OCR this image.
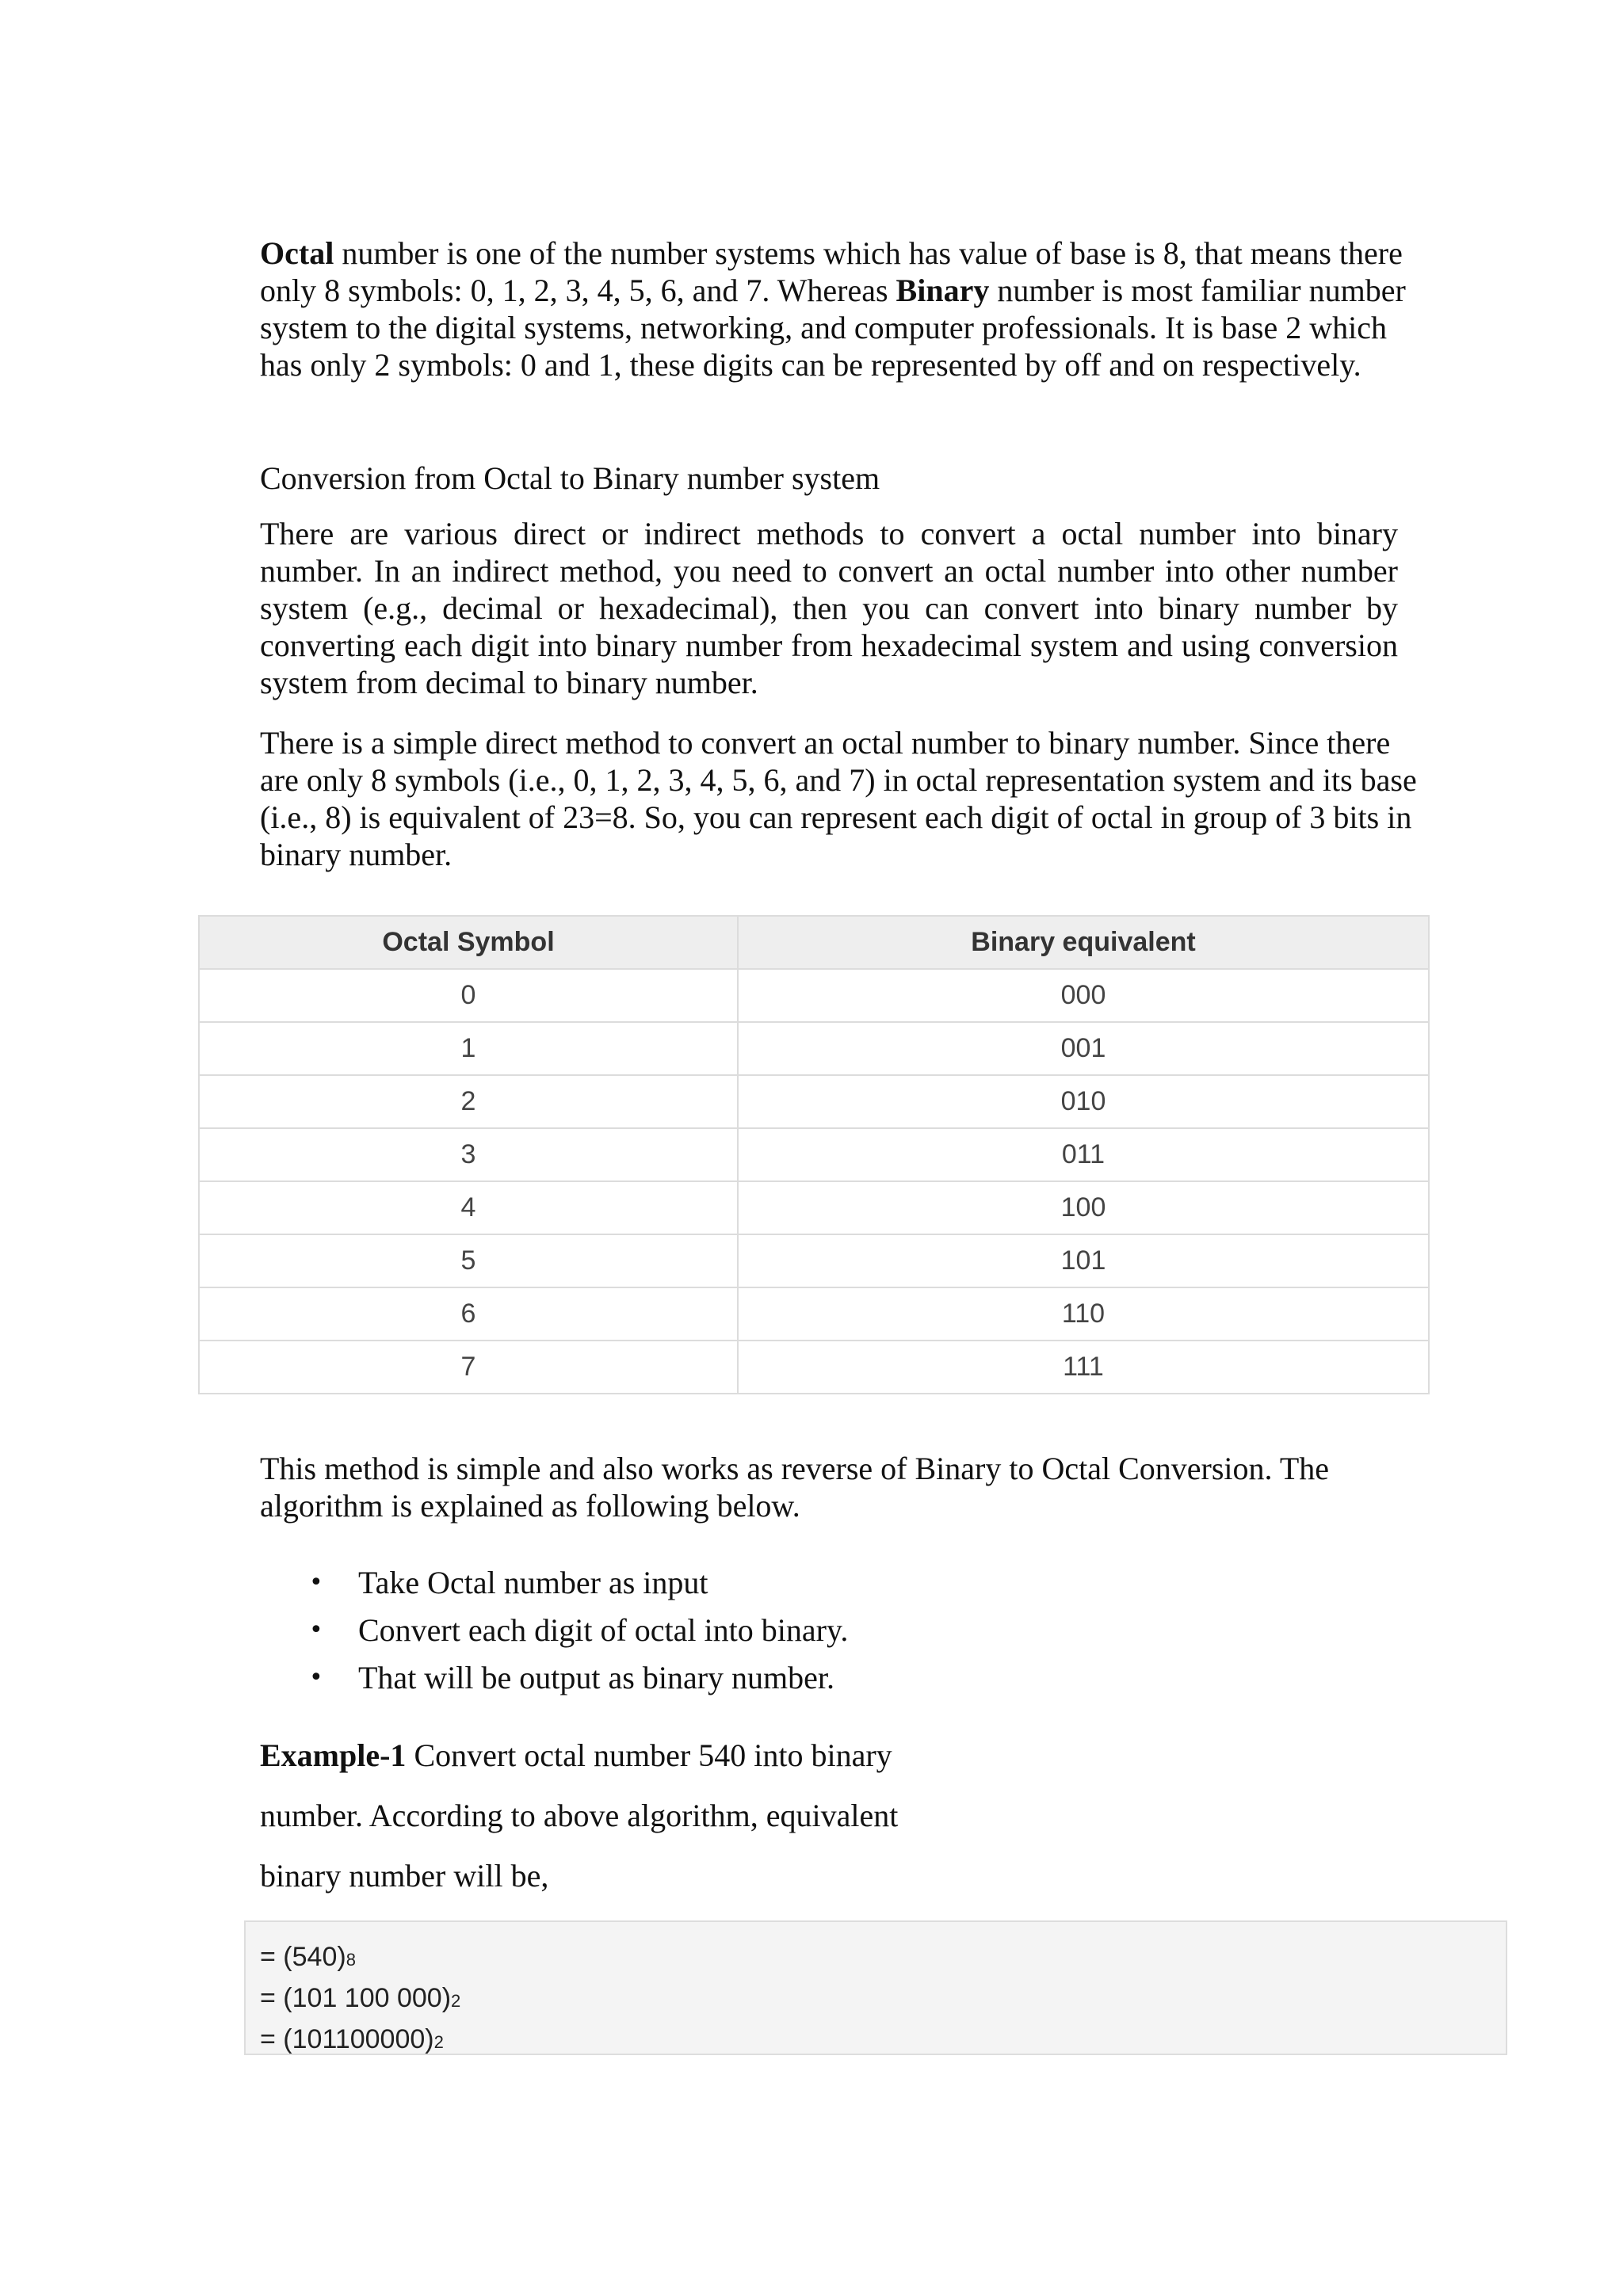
Octal number is one of the number systems which has value of base is 8, that means there only 8 symbols: 0, 1, 2, 3, 4, 5, 6, and 7. Whereas Binary number is most familiar number system to the digital systems, networking, and computer professionals. It is base 2 which has only 2 symbols: 0 and 1, these digits can be represented by off and on respectively.

Conversion from Octal to Binary number system

There are various direct or indirect methods to convert a octal number into binary number. In an indirect method, you need to convert an octal number into other number system (e.g., decimal or hexadecimal), then you can convert into binary number by converting each digit into binary number from hexadecimal system and using conversion system from decimal to binary number.

There is a simple direct method to convert an octal number to binary number. Since there are only 8 symbols (i.e., 0, 1, 2, 3, 4, 5, 6, and 7) in octal representation system and its base (i.e., 8) is equivalent of 23=8. So, you can represent each digit of octal in group of 3 bits in binary number.

Octal Symbol	Binary equivalent
0	000
1	001
2	010
3	011
4	100
5	101
6	110
7	111

This method is simple and also works as reverse of Binary to Octal Conversion. The algorithm is explained as following below.

• Take Octal number as input
• Convert each digit of octal into binary.
• That will be output as binary number.

Example-1 Convert octal number 540 into binary

number. According to above algorithm, equivalent

binary number will be,

= (540)8
= (101 100 000)2
= (101100000)2
